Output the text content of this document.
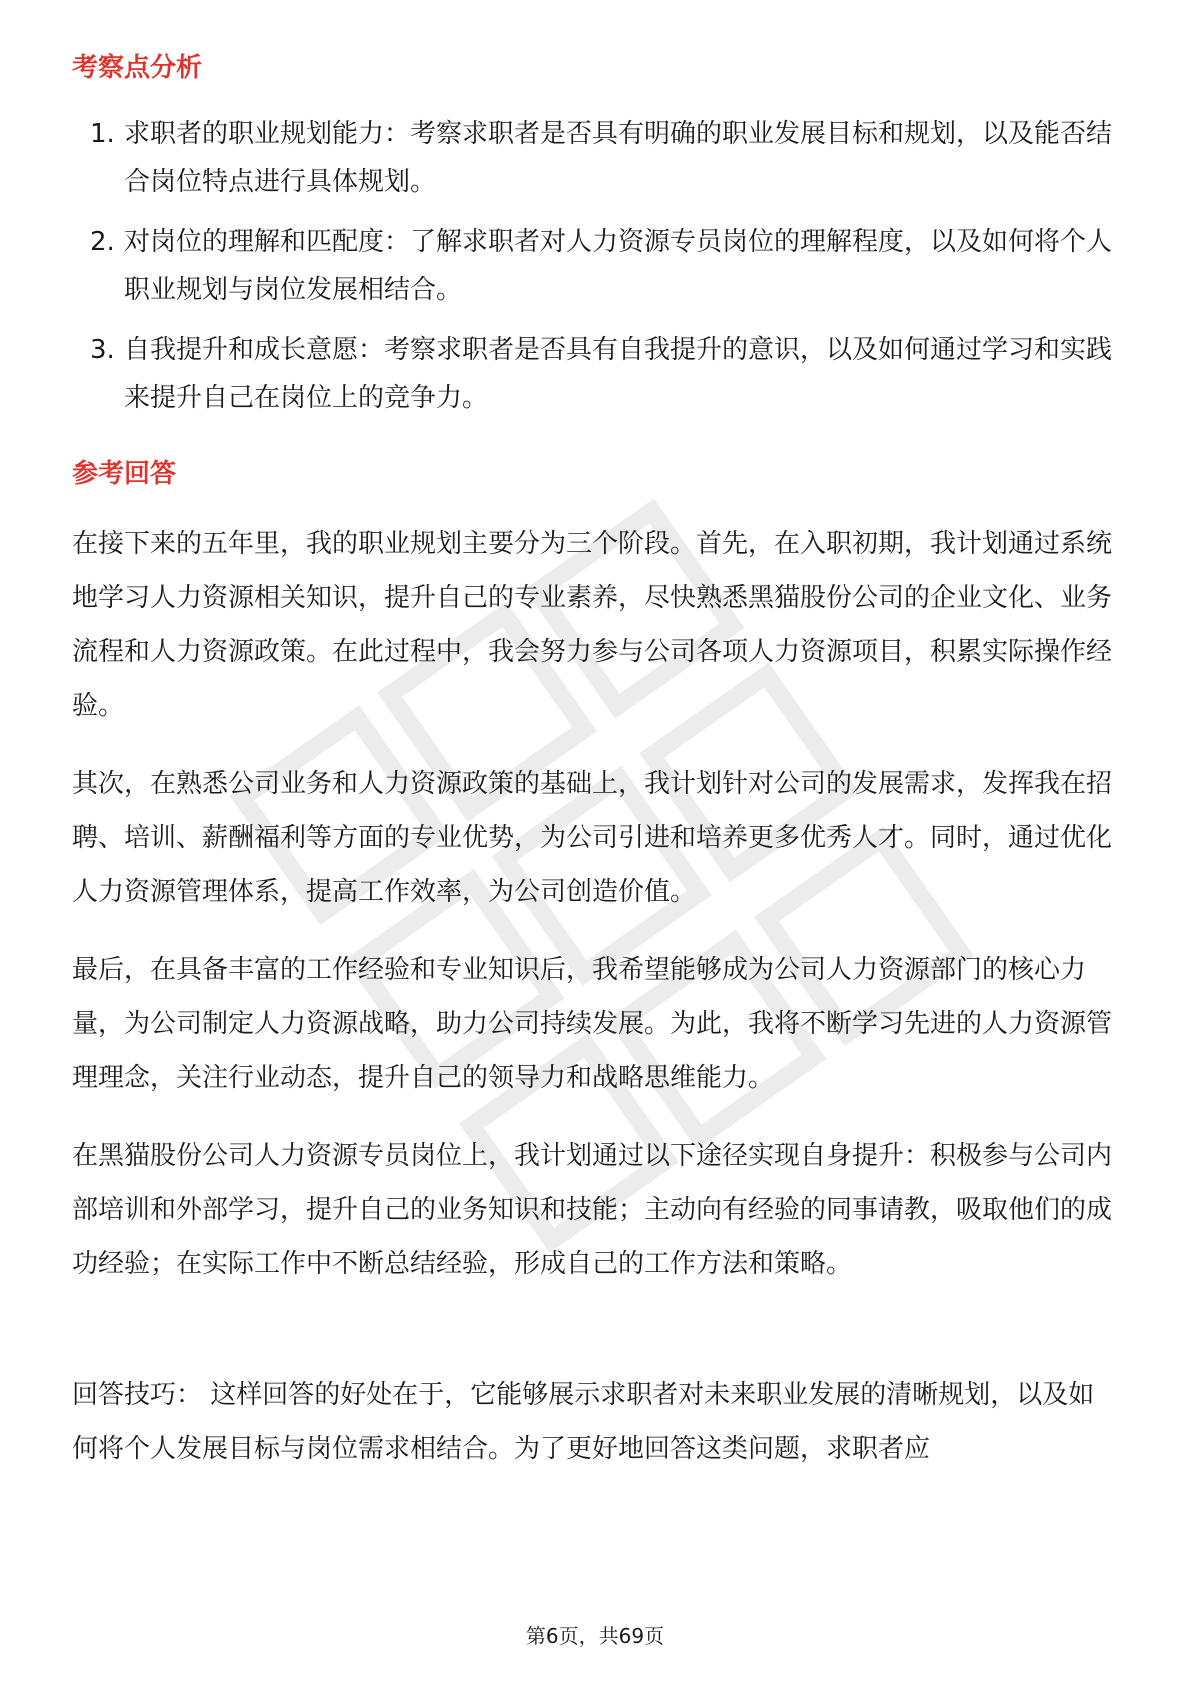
考察点分析
1. 求职者的职业规划能力：考察求职者是否具有明确的职业发展目标和规划，以及能否结合岗位特点进行具体规划。
2. 对岗位的理解和匹配度：了解求职者对人力资源专员岗位的理解程度，以及如何将个人职业规划与岗位发展相结合。
3. 自我提升和成长意愿：考察求职者是否具有自我提升的意识，以及如何通过学习和实践来提升自己在岗位上的竞争力。
参考回答
在接下来的五年里，我的职业规划主要分为三个阶段。首先，在入职初期，我计划通过系统地学习人力资源相关知识，提升自己的专业素养，尽快熟悉黑猫股份公司的企业文化、业务流程和人力资源政策。在此过程中，我会努力参与公司各项人力资源项目，积累实际操作经验。
其次，在熟悉公司业务和人力资源政策的基础上，我计划针对公司的发展需求，发挥我在招聘、培训、薪酬福利等方面的专业优势，为公司引进和培养更多优秀人才。同时，通过优化人力资源管理体系，提高工作效率，为公司创造价值。
最后，在具备丰富的工作经验和专业知识后，我希望能够成为公司人力资源部门的核心力量，为公司制定人力资源战略，助力公司持续发展。为此，我将不断学习先进的人力资源管理理念，关注行业动态，提升自己的领导力和战略思维能力。
在黑猫股份公司人力资源专员岗位上，我计划通过以下途径实现自身提升：积极参与公司内部培训和外部学习，提升自己的业务知识和技能；主动向有经验的同事请教，吸取他们的成功经验；在实际工作中不断总结经验，形成自己的工作方法和策略。
回答技巧： 这样回答的好处在于，它能够展示求职者对未来职业发展的清晰规划，以及如何将个人发展目标与岗位需求相结合。为了更好地回答这类问题，求职者应
第6页，共69页
